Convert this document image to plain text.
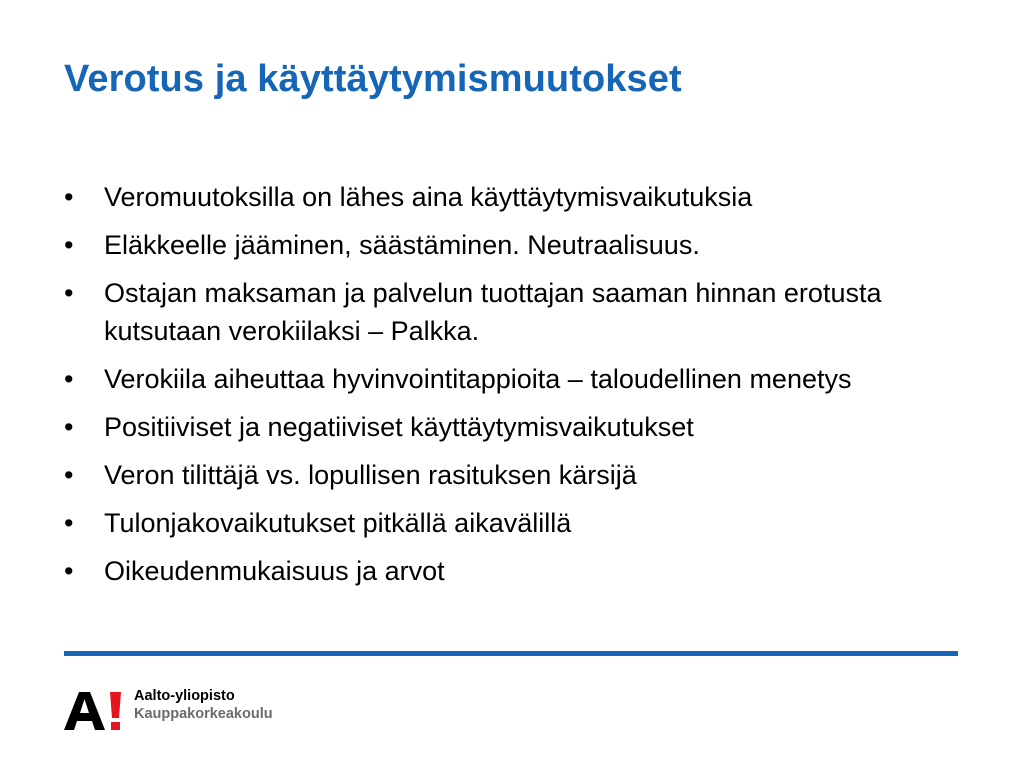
Verotus ja käyttäytymismuutokset
• Veromuutoksilla on lähes aina käyttäytymisvaikutuksia
• Eläkkeelle jääminen, säästäminen. Neutraalisuus.
• Ostajan maksaman ja palvelun tuottajan saaman hinnan erotusta kutsutaan verokiilaksi – Palkka.
• Verokiila aiheuttaa hyvinvointitappioita – taloudellinen menetys
• Positiiviset ja negatiiviset käyttäytymisvaikutukset
• Veron tilittäjä vs. lopullisen rasituksen kärsijä
• Tulonjakovaikutukset pitkällä aikavälillä
• Oikeudenmukaisuus ja arvot
Aalto-yliopisto
Kauppakorkeakoulu
